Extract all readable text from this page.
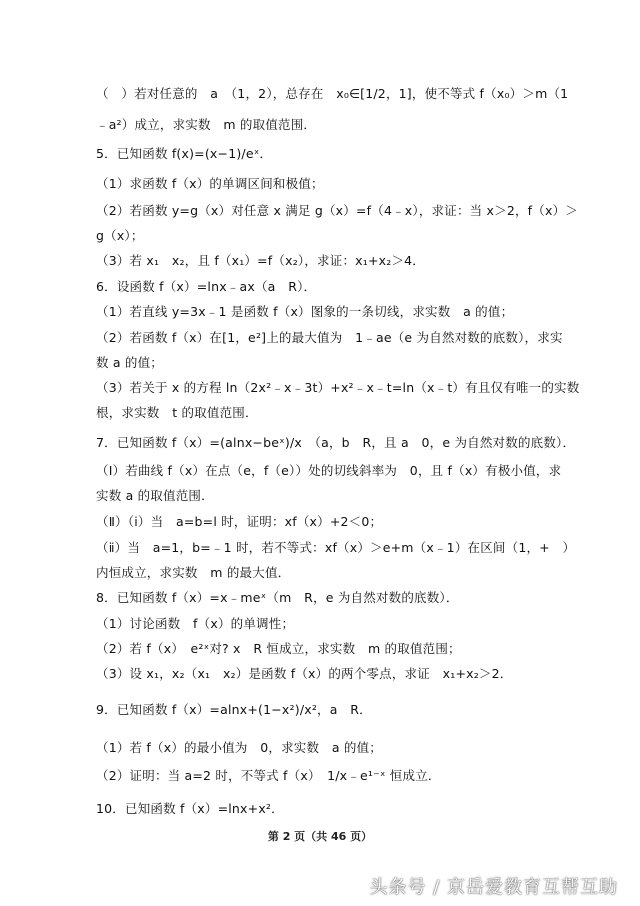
（　）若对任意的　a　（1，2），总存在　x₀∈[1/2，1]，使不等式 f（x₀）＞m（1
﹣a²）成立，求实数　m 的取值范围．
5．已知函数 f(x)=(x−1)/eˣ．
（1）求函数 f（x）的单调区间和极值；
（2）若函数 y=g（x）对任意 x 满足 g（x）=f（4﹣x），求证：当 x＞2，f（x）＞
g（x）；
（3）若 x₁　x₂，且 f（x₁）=f（x₂），求证：x₁+x₂＞4．
6．设函数 f（x）=lnx﹣ax（a　R）．
（1）若直线 y=3x﹣1 是函数 f（x）图象的一条切线，求实数　a 的值；
（2）若函数 f（x）在[1，e²]上的最大值为　1﹣ae（e 为自然对数的底数），求实
数 a 的值；
（3）若关于 x 的方程 ln（2x²﹣x﹣3t）+x²﹣x﹣t=ln（x﹣t）有且仅有唯一的实数
根，求实数　t 的取值范围．
7．已知函数 f（x）=(alnx−beˣ)/x　（a，b　R，且 a　0，e 为自然对数的底数）．
（Ⅰ）若曲线 f（x）在点（e，f（e））处的切线斜率为　0，且 f（x）有极小值，求
实数 a 的取值范围．
（Ⅱ）（ⅰ）当　a=b=l 时，证明：xf（x）+2＜0；
（ⅱ）当　a=1，b=﹣1 时，若不等式：xf（x）＞e+m（x﹣1）在区间（1，+　）
内恒成立，求实数　m 的最大值．
8．已知函数 f（x）=x﹣meˣ（m　R，e 为自然对数的底数）．
（1）讨论函数　f（x）的单调性；
（2）若 f（x）　e²ˣ对? x　R 恒成立，求实数　m 的取值范围；
（3）设 x₁，x₂（x₁　x₂）是函数 f（x）的两个零点，求证　x₁+x₂＞2．
9．已知函数 f（x）=alnx+(1−x²)/x²，a　R．
（1）若 f（x）的最小值为　0，求实数　a 的值；
（2）证明：当 a=2 时，不等式 f（x）　1/x﹣e¹⁻ˣ 恒成立．
10．已知函数 f（x）=lnx+x²．
第 2 页（共 46 页）
头条号 / 京岳爱教育互帮互助
